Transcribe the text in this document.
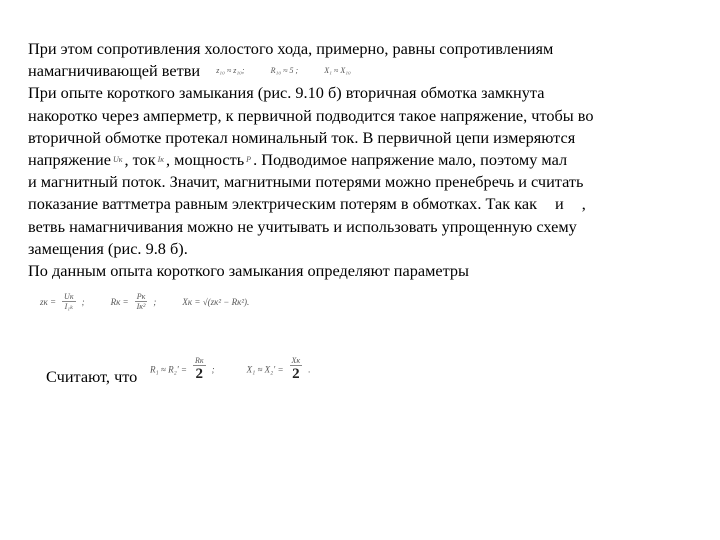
При этом сопротивления холостого хода, примерно, равны сопротивлениям
намагничивающей ветви z₁₀ ≈ z₁₀;	R₁₀ ≈ 5 ;	X₁ ≈ X₁₀
При опыте короткого замыкания (рис. 9.10 б) вторичная обмотка замкнута
накоротко через амперметр, к первичной подводится такое напряжение, чтобы во
вторичной обмотке протекал номинальный ток. В первичной цепи измеряются
напряжение Uк , ток Iк , мощность P . Подводимое напряжение мало, поэтому мал
и магнитный поток. Значит, магнитными потерями можно пренебречь и считать
показание ваттметра равным электрическим потерям в обмотках. Так как и ,
ветвь намагничивания можно не учитывать и использовать упрощенную схему
замещения (рис. 9.8 б).
По данным опыта короткого замыкания определяют параметры
zк = $\frac{Uк}{\text{I₁ₖ}}$ ;	Rк = $\frac{Pк}{\text{Iк²}}$ ;	Xк = √(zк² − Rк²).
Считают, что $R_1 \approx R_2' = \frac{Rк}{2}$ ;	$X_1 \approx X_2' = \frac{Xк}{2}$ .
